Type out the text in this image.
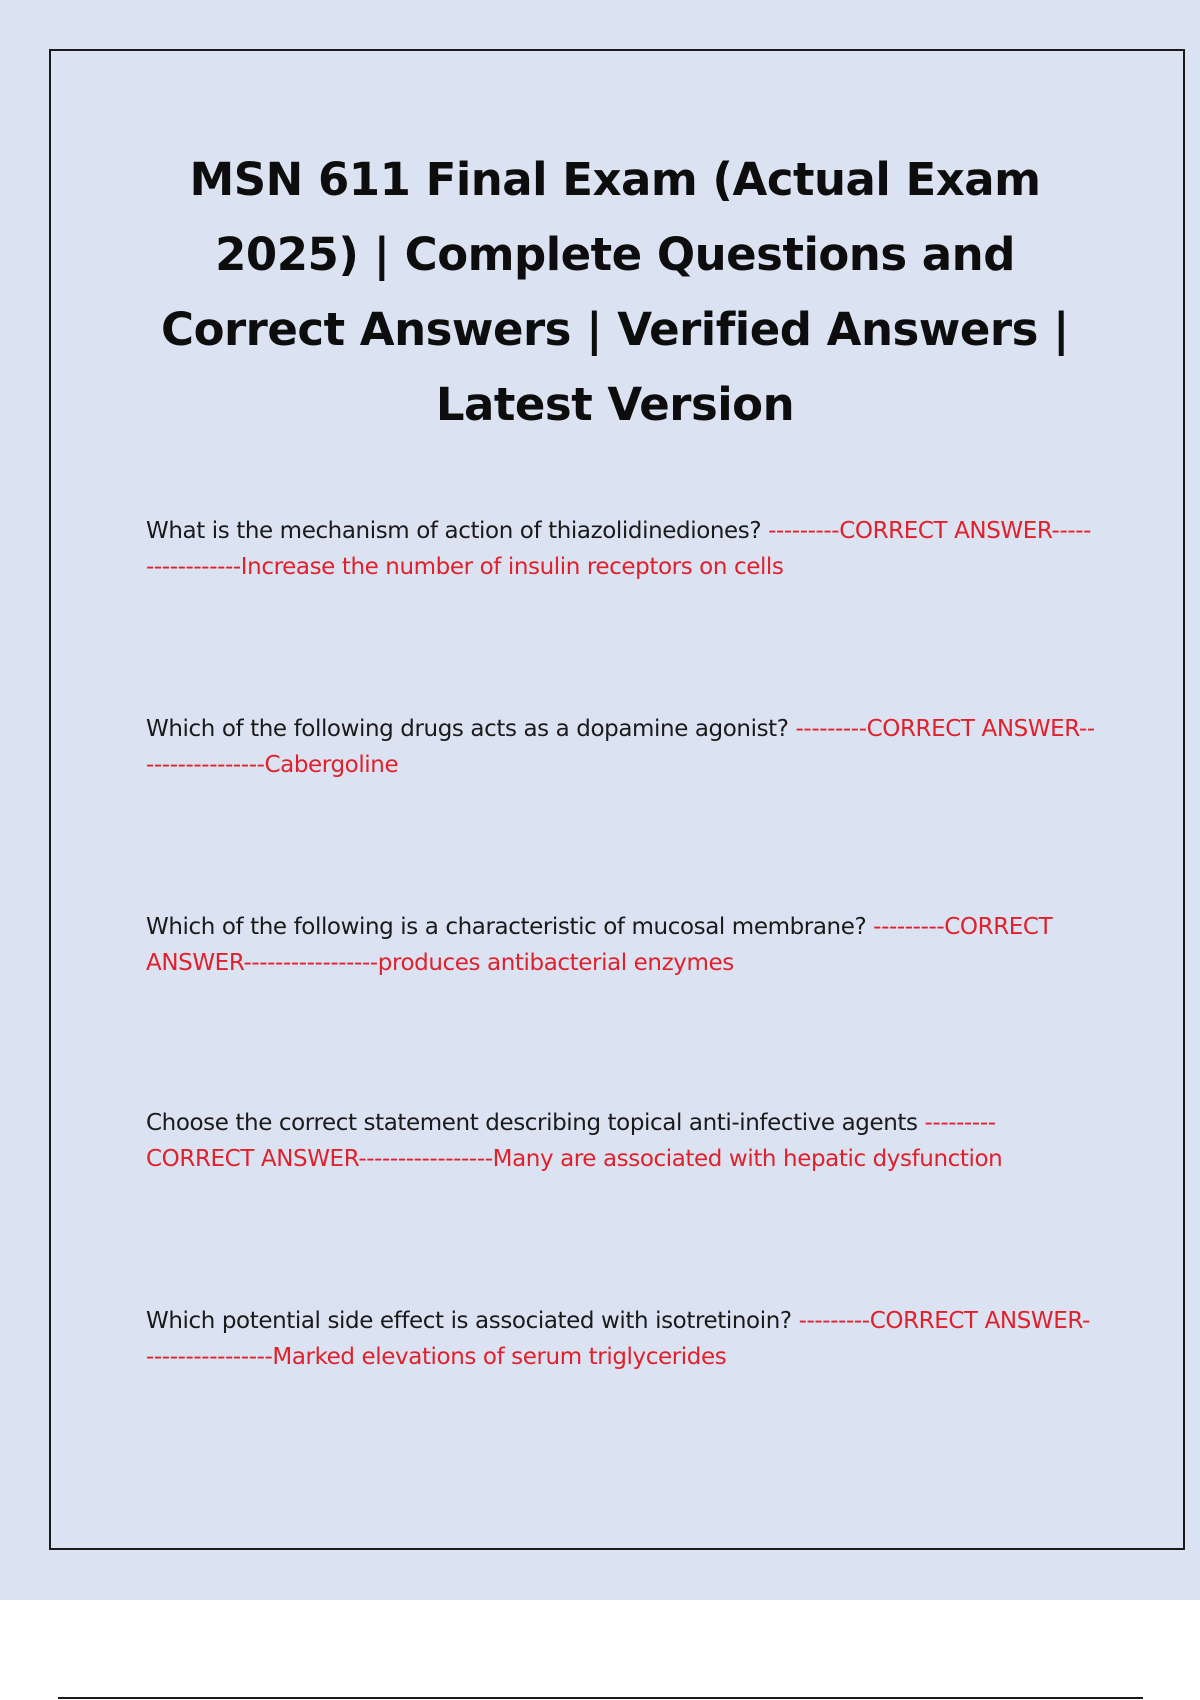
MSN 611 Final Exam (Actual Exam 2025) | Complete Questions and Correct Answers | Verified Answers | Latest Version

What is the mechanism of action of thiazolidinediones? ---------CORRECT ANSWER-----------------Increase the number of insulin receptors on cells

Which of the following drugs acts as a dopamine agonist? ---------CORRECT ANSWER-----------------Cabergoline

Which of the following is a characteristic of mucosal membrane? ---------CORRECT ANSWER-----------------produces antibacterial enzymes

Choose the correct statement describing topical anti-infective agents --------- CORRECT ANSWER-----------------Many are associated with hepatic dysfunction

Which potential side effect is associated with isotretinoin? ---------CORRECT ANSWER-----------------Marked elevations of serum triglycerides
